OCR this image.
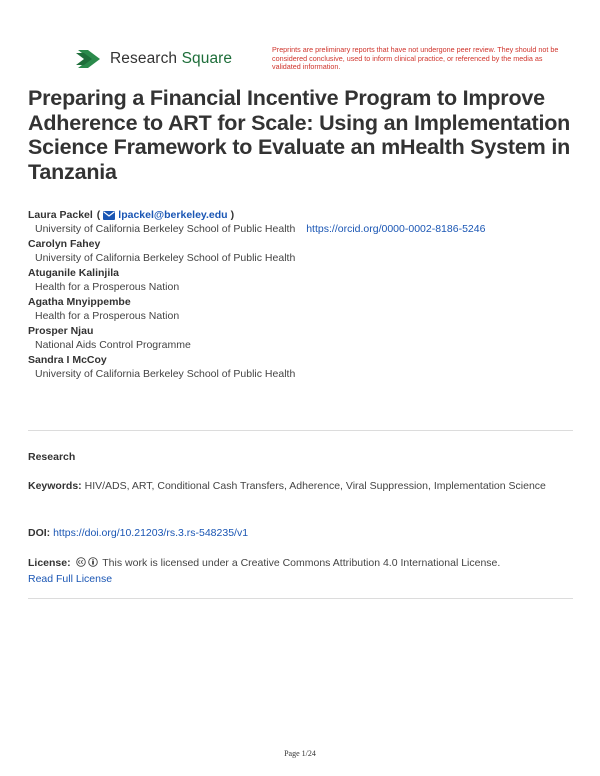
Research Square
Preprints are preliminary reports that have not undergone peer review. They should not be considered conclusive, used to inform clinical practice, or referenced by the media as validated information.
Preparing a Financial Incentive Program to Improve Adherence to ART for Scale: Using an Implementation Science Framework to Evaluate an mHealth System in Tanzania
Laura Packel ( lpackel@berkeley.edu )
University of California Berkeley School of Public Health https://orcid.org/0000-0002-8186-5246
Carolyn Fahey
University of California Berkeley School of Public Health
Atuganile Kalinjila
Health for a Prosperous Nation
Agatha Mnyippembe
Health for a Prosperous Nation
Prosper Njau
National Aids Control Programme
Sandra I McCoy
University of California Berkeley School of Public Health
Research
Keywords: HIV/ADS, ART, Conditional Cash Transfers, Adherence, Viral Suppression, Implementation Science
DOI: https://doi.org/10.21203/rs.3.rs-548235/v1
License:	This work is licensed under a Creative Commons Attribution 4.0 International License.
Read Full License
Page 1/24
